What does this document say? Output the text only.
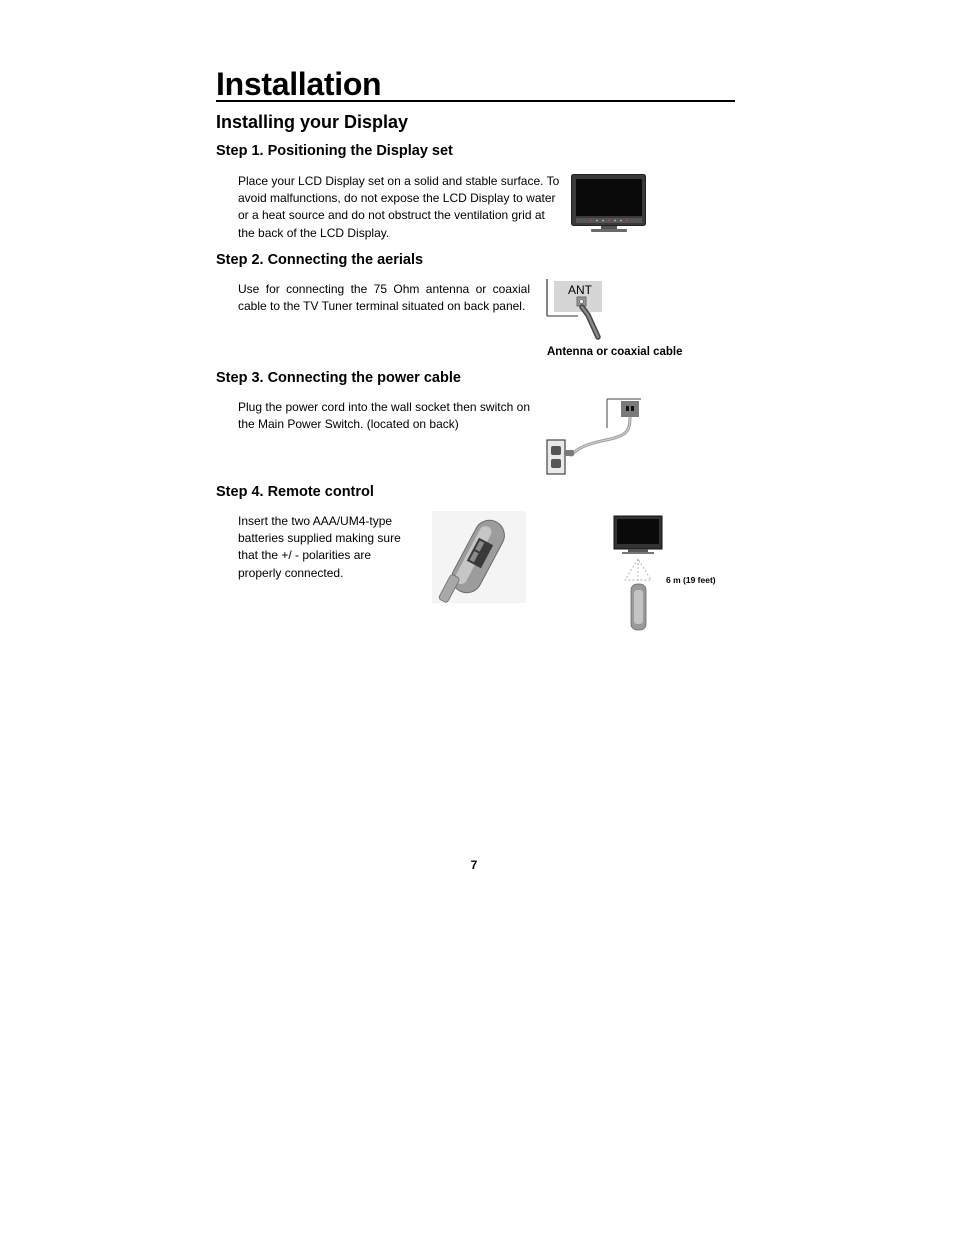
Installation
Installing your Display
Step 1. Positioning the Display set

Place your LCD Display set on a solid and stable surface. To avoid malfunctions, do not expose the LCD Display to water or a heat source and do not obstruct the ventilation grid at the back of the LCD Display.

Step 2. Connecting the aerials

Use for connecting the 75 Ohm antenna or coaxial cable to the TV Tuner terminal situated on back panel.

ANT
Antenna or coaxial cable
Step 3. Connecting the power cable

Plug the power cord into the wall socket then switch on the Main Power Switch. (located on back)

Step 4. Remote control

Insert the two AAA/UM4-type batteries supplied making sure that the +/ - polarities are properly connected.

6 m (19 feet)
7
